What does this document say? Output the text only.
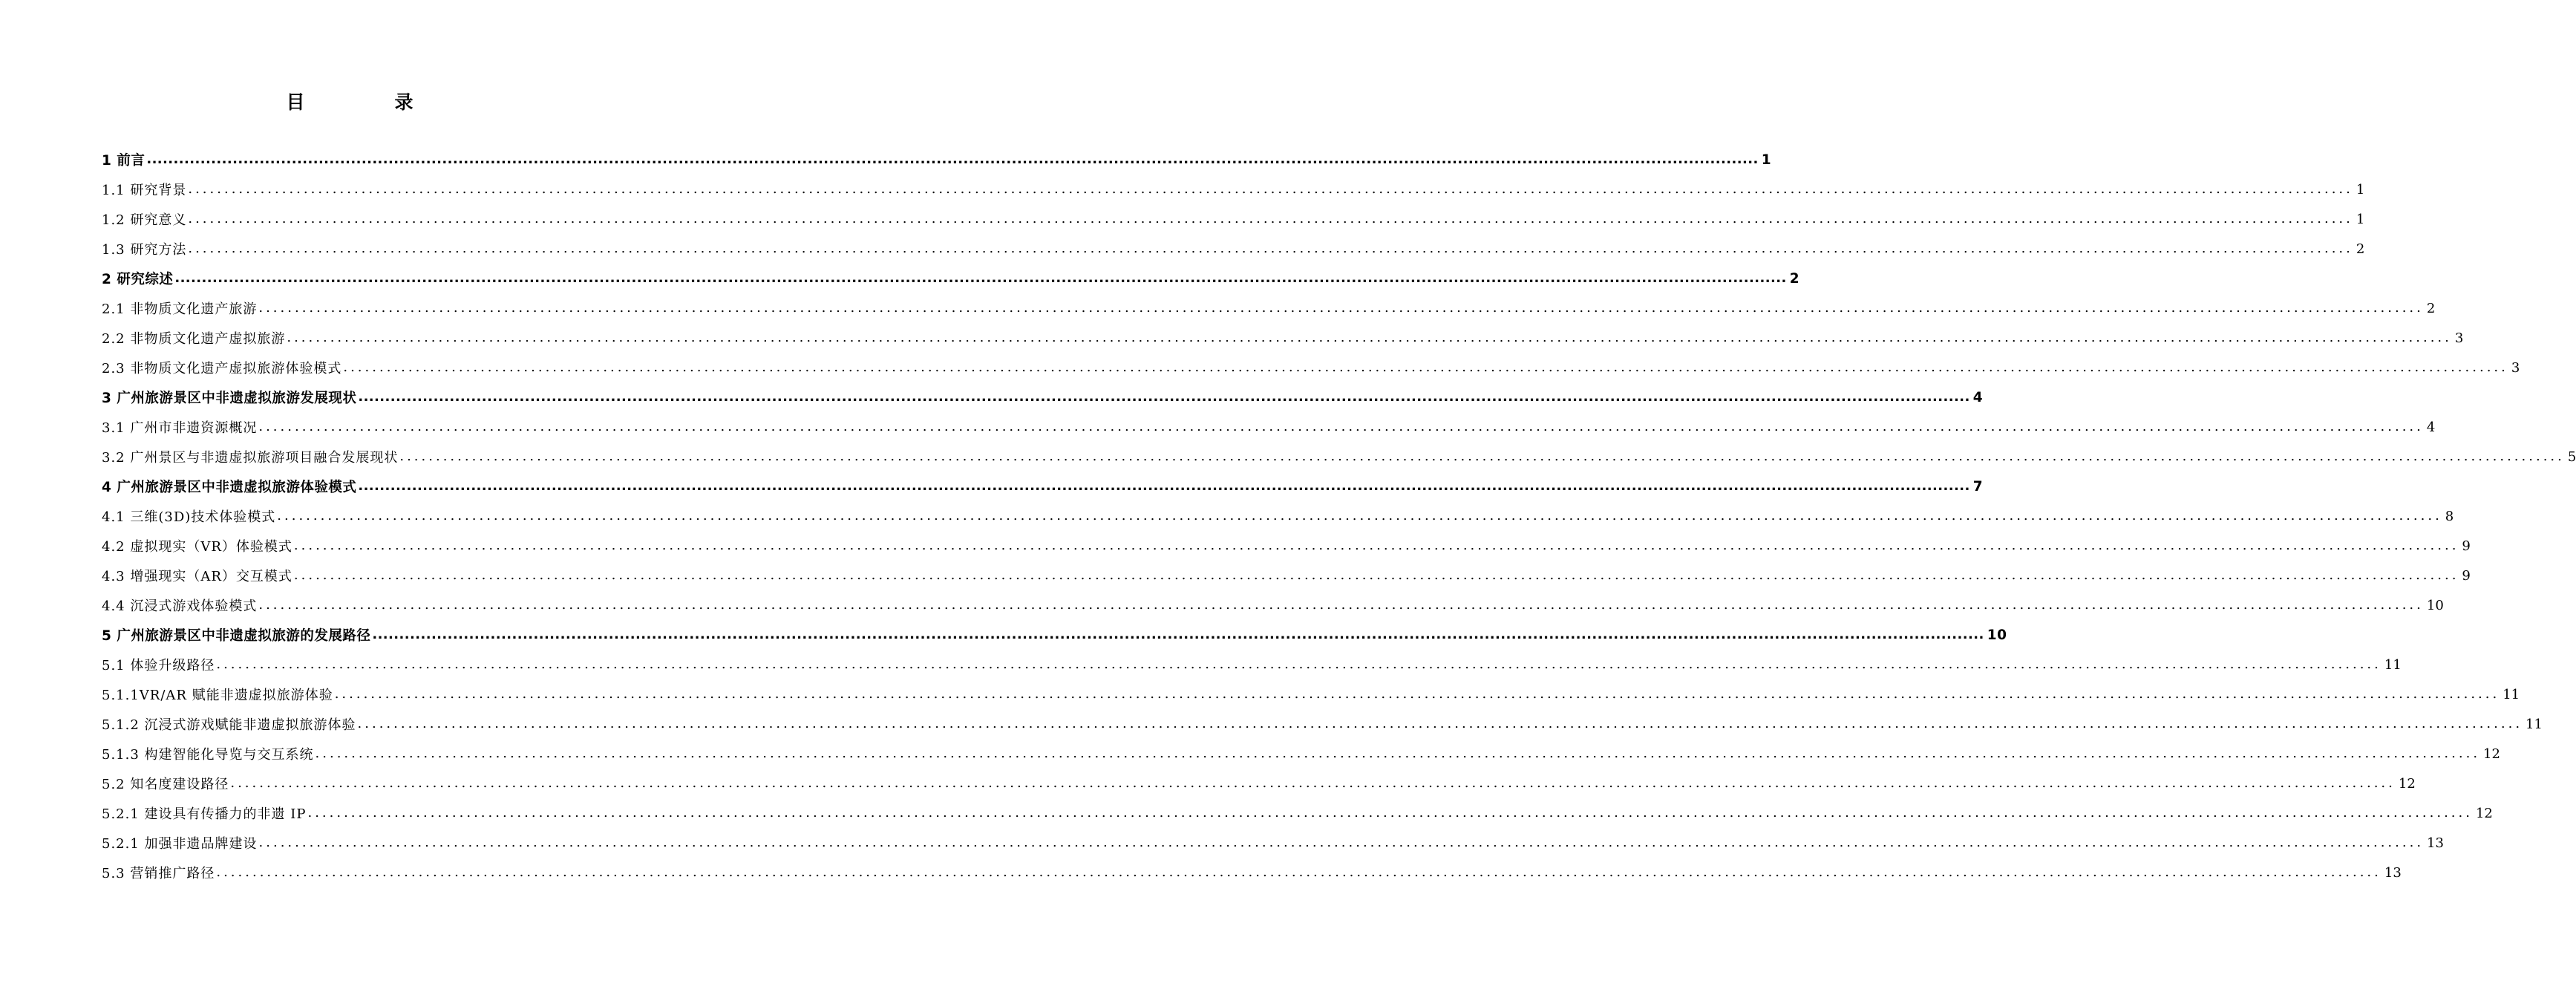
目　录
1 前言 ............................................................................................................................................................................................................................................................................................................ 1
1.1 研究背景 ............................................................................................................................................................................................................................................................................................................ 1
1.2 研究意义 ............................................................................................................................................................................................................................................................................................................ 1
1.3 研究方法 ............................................................................................................................................................................................................................................................................................................ 2
2 研究综述 ............................................................................................................................................................................................................................................................................................................ 2
2.1 非物质文化遗产旅游 ............................................................................................................................................................................................................................................................................................................ 2
2.2 非物质文化遗产虚拟旅游 ............................................................................................................................................................................................................................................................................................................ 3
2.3 非物质文化遗产虚拟旅游体验模式 ............................................................................................................................................................................................................................................................................................................ 3
3 广州旅游景区中非遗虚拟旅游发展现状 ............................................................................................................................................................................................................................................................................................................ 4
3.1 广州市非遗资源概况 ............................................................................................................................................................................................................................................................................................................ 4
3.2 广州景区与非遗虚拟旅游项目融合发展现状 ............................................................................................................................................................................................................................................................................................................ 5
4 广州旅游景区中非遗虚拟旅游体验模式 ............................................................................................................................................................................................................................................................................................................ 7
4.1 三维(3D)技术体验模式 ............................................................................................................................................................................................................................................................................................................ 8
4.2 虚拟现实（VR）体验模式 ............................................................................................................................................................................................................................................................................................................ 9
4.3 增强现实（AR）交互模式 ............................................................................................................................................................................................................................................................................................................ 9
4.4 沉浸式游戏体验模式 ............................................................................................................................................................................................................................................................................................................ 10
5 广州旅游景区中非遗虚拟旅游的发展路径 ............................................................................................................................................................................................................................................................................................................ 10
5.1 体验升级路径 ............................................................................................................................................................................................................................................................................................................ 11
5.1.1VR/AR 赋能非遗虚拟旅游体验 ............................................................................................................................................................................................................................................................................................................ 11
5.1.2 沉浸式游戏赋能非遗虚拟旅游体验 ............................................................................................................................................................................................................................................................................................................ 11
5.1.3 构建智能化导览与交互系统 ............................................................................................................................................................................................................................................................................................................ 12
5.2 知名度建设路径 ............................................................................................................................................................................................................................................................................................................ 12
5.2.1 建设具有传播力的非遗 IP ............................................................................................................................................................................................................................................................................................................ 12
5.2.1 加强非遗品牌建设 ............................................................................................................................................................................................................................................................................................................ 13
5.3 营销推广路径 ............................................................................................................................................................................................................................................................................................................ 13
